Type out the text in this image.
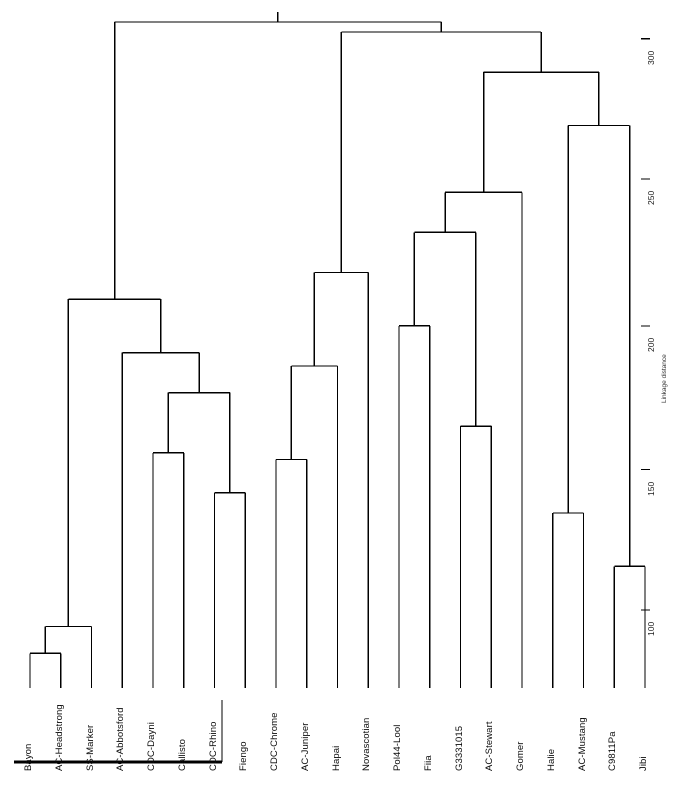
Bayon AC-Headstrong SS-Marker AC-Abbotsford CDC-Dayni Callisto CDC-Rhino Fiengo CDC-Chrome AC-Juniper Hapai Novascotian Pol44-Lool Fiia G3331015 AC-Stewart Gomer Halie AC-Mustang C9811Pa Jibi
100
150
200
250
300
Linkage distance
